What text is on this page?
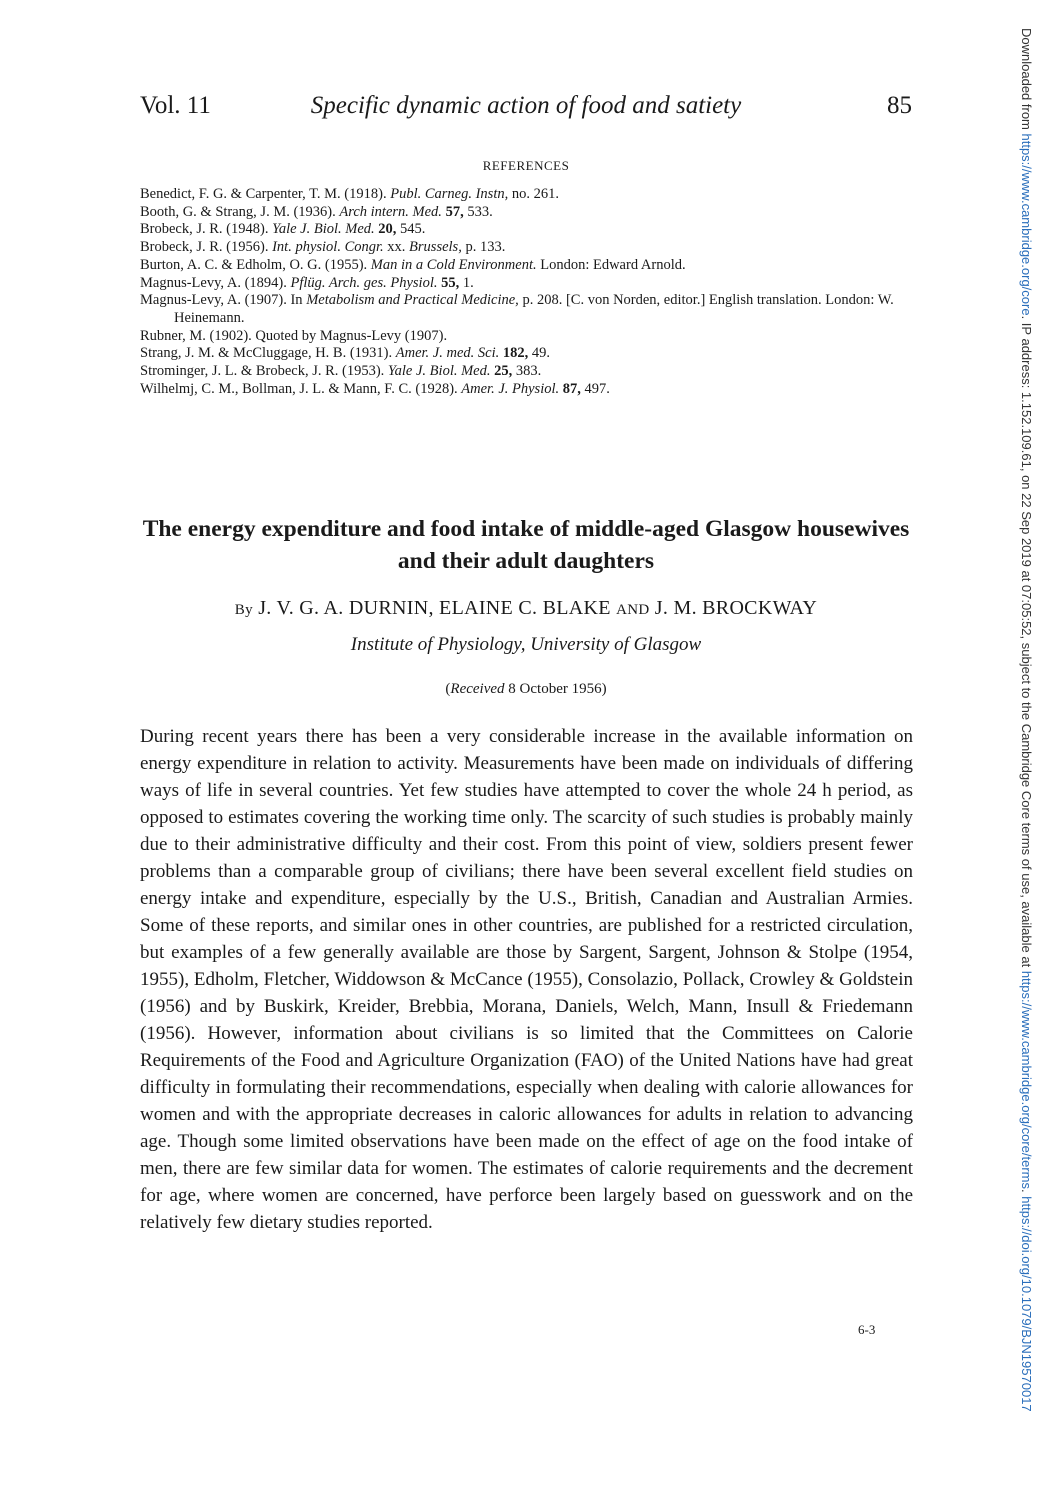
Vol. 11	Specific dynamic action of food and satiety	85
REFERENCES
Benedict, F. G. & Carpenter, T. M. (1918). Publ. Carneg. Instn, no. 261.
Booth, G. & Strang, J. M. (1936). Arch intern. Med. 57, 533.
Brobeck, J. R. (1948). Yale J. Biol. Med. 20, 545.
Brobeck, J. R. (1956). Int. physiol. Congr. xx. Brussels, p. 133.
Burton, A. C. & Edholm, O. G. (1955). Man in a Cold Environment. London: Edward Arnold.
Magnus-Levy, A. (1894). Pflüg. Arch. ges. Physiol. 55, 1.
Magnus-Levy, A. (1907). In Metabolism and Practical Medicine, p. 208. [C. von Norden, editor.] English translation. London: W. Heinemann.
Rubner, M. (1902). Quoted by Magnus-Levy (1907).
Strang, J. M. & McCluggage, H. B. (1931). Amer. J. med. Sci. 182, 49.
Strominger, J. L. & Brobeck, J. R. (1953). Yale J. Biol. Med. 25, 383.
Wilhelmj, C. M., Bollman, J. L. & Mann, F. C. (1928). Amer. J. Physiol. 87, 497.
The energy expenditure and food intake of middle-aged Glasgow housewives and their adult daughters
By J. V. G. A. DURNIN, ELAINE C. BLAKE AND J. M. BROCKWAY
Institute of Physiology, University of Glasgow
(Received 8 October 1956)

During recent years there has been a very considerable increase in the available information on energy expenditure in relation to activity. Measurements have been made on individuals of differing ways of life in several countries. Yet few studies have attempted to cover the whole 24 h period, as opposed to estimates covering the working time only. The scarcity of such studies is probably mainly due to their administrative difficulty and their cost. From this point of view, soldiers present fewer problems than a comparable group of civilians; there have been several excellent field studies on energy intake and expenditure, especially by the U.S., British, Canadian and Australian Armies. Some of these reports, and similar ones in other countries, are published for a restricted circulation, but examples of a few generally available are those by Sargent, Sargent, Johnson & Stolpe (1954, 1955), Edholm, Fletcher, Widdowson & McCance (1955), Consolazio, Pollack, Crowley & Goldstein (1956) and by Buskirk, Kreider, Brebbia, Morana, Daniels, Welch, Mann, Insull & Friedemann (1956). However, information about civilians is so limited that the Committees on Calorie Requirements of the Food and Agriculture Organization (FAO) of the United Nations have had great difficulty in formulating their recommendations, especially when dealing with calorie allowances for women and with the appropriate decreases in caloric allowances for adults in relation to advancing age. Though some limited observations have been made on the effect of age on the food intake of men, there are few similar data for women. The estimates of calorie requirements and the decrement for age, where women are concerned, have perforce been largely based on guesswork and on the relatively few dietary studies reported.

6-3
Downloaded from https://www.cambridge.org/core. IP address: 1.152.109.61, on 22 Sep 2019 at 07:05:52, subject to the Cambridge Core terms of use, available at https://www.cambridge.org/core/terms. https://doi.org/10.1079/BJN19570017
